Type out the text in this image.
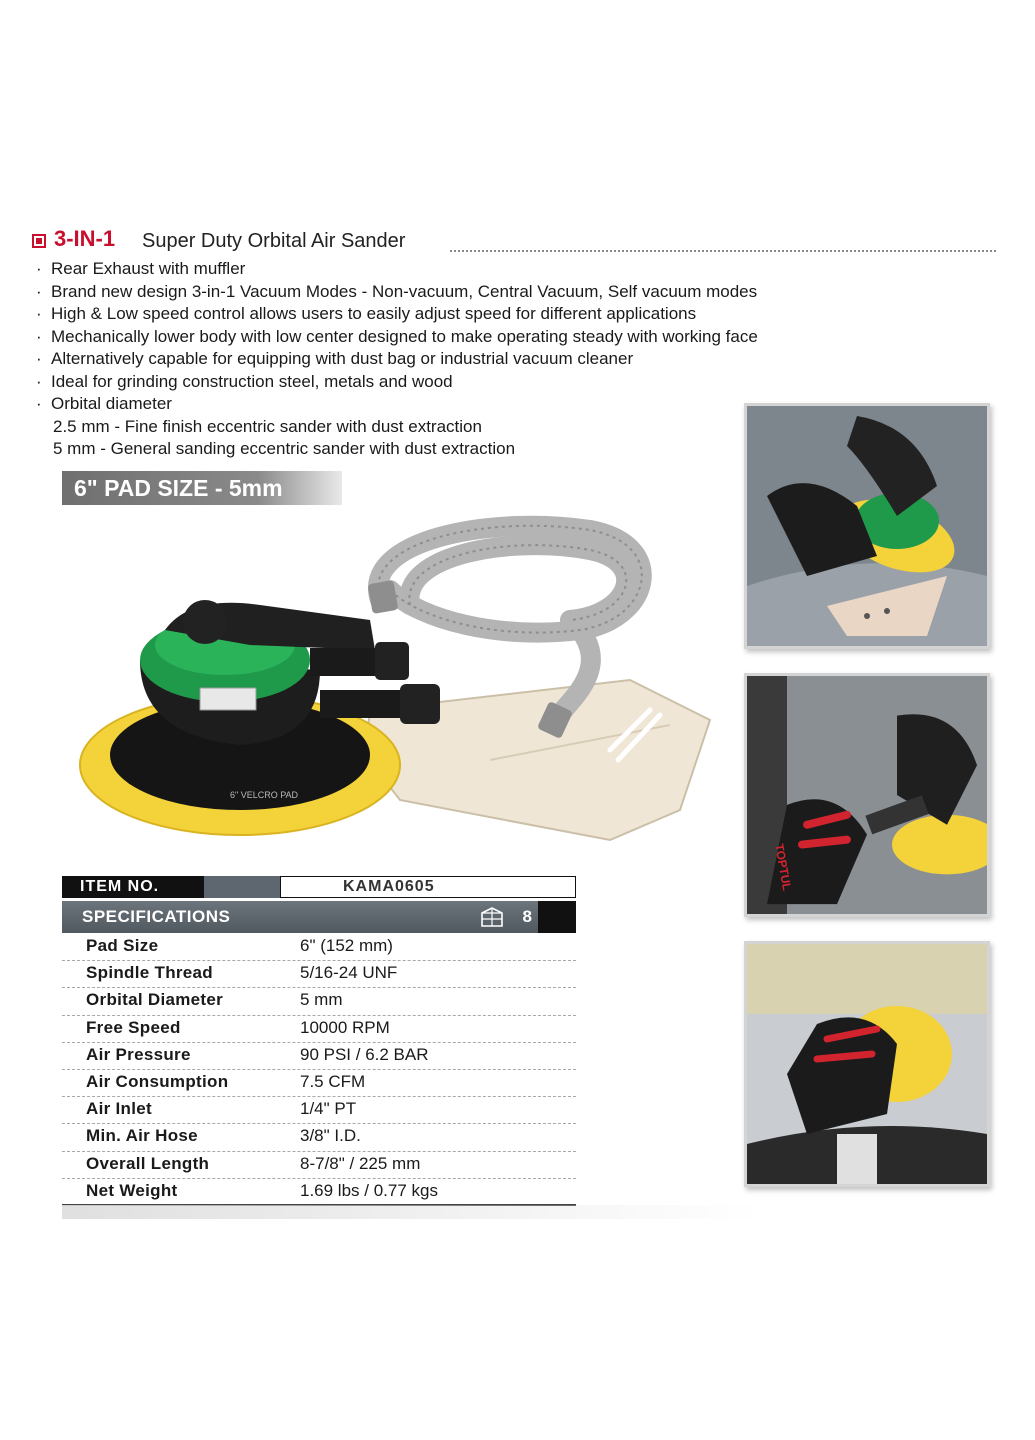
3-IN-1 Super Duty Orbital Air Sander
· Rear Exhaust with muffler
· Brand new design 3-in-1 Vacuum Modes - Non-vacuum, Central Vacuum, Self vacuum modes
· High & Low speed control allows users to easily adjust speed for different applications
· Mechanically lower body with low center designed to make operating steady with working face
· Alternatively capable for equipping with dust bag or industrial vacuum cleaner
· Ideal for grinding construction steel, metals and wood
· Orbital diameter
2.5 mm - Fine finish eccentric sander with dust extraction
5 mm - General sanding eccentric sander with dust extraction
6" PAD SIZE - 5mm
6" VELCRO PAD
TOPTUL
ITEM NO.	KAMA0605
SPECIFICATIONS	8
Pad Size	6" (152 mm)
Spindle Thread	5/16-24 UNF
Orbital Diameter	5 mm
Free Speed	10000 RPM
Air Pressure	90 PSI / 6.2 BAR
Air Consumption	7.5 CFM
Air Inlet	1/4" PT
Min. Air Hose	3/8" I.D.
Overall Length	8-7/8" / 225 mm
Net Weight	1.69 lbs / 0.77 kgs
